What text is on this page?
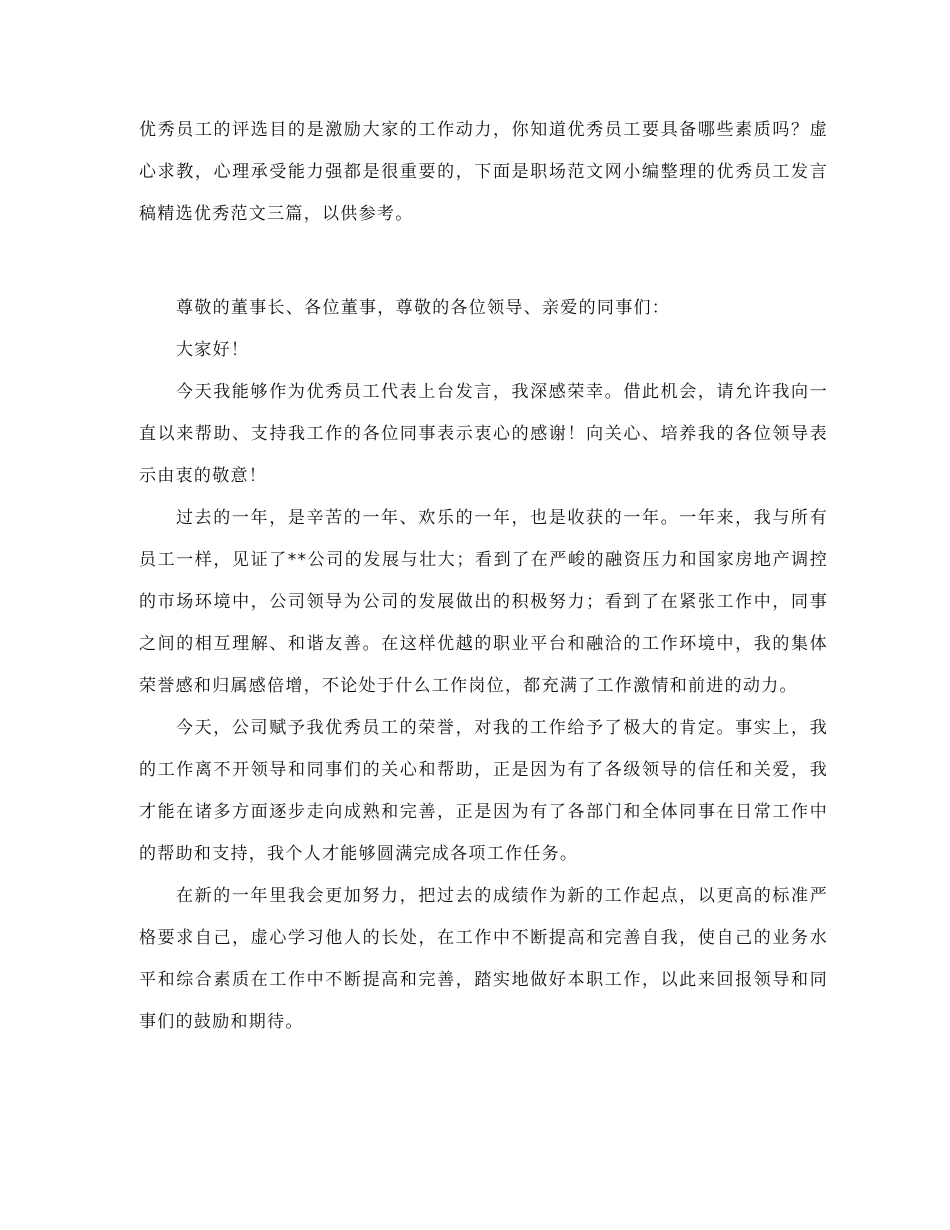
优秀员工的评选目的是激励大家的工作动力，你知道优秀员工要具备哪些素质吗？虚心求教，心理承受能力强都是很重要的，下面是职场范文网小编整理的优秀员工发言稿精选优秀范文三篇，以供参考。

尊敬的董事长、各位董事，尊敬的各位领导、亲爱的同事们：

大家好！

今天我能够作为优秀员工代表上台发言，我深感荣幸。借此机会，请允许我向一直以来帮助、支持我工作的各位同事表示衷心的感谢！向关心、培养我的各位领导表示由衷的敬意！

过去的一年，是辛苦的一年、欢乐的一年，也是收获的一年。一年来，我与所有员工一样，见证了**公司的发展与壮大；看到了在严峻的融资压力和国家房地产调控的市场环境中，公司领导为公司的发展做出的积极努力；看到了在紧张工作中，同事之间的相互理解、和谐友善。在这样优越的职业平台和融洽的工作环境中，我的集体荣誉感和归属感倍增，不论处于什么工作岗位，都充满了工作激情和前进的动力。

今天，公司赋予我优秀员工的荣誉，对我的工作给予了极大的肯定。事实上，我的工作离不开领导和同事们的关心和帮助，正是因为有了各级领导的信任和关爱，我才能在诸多方面逐步走向成熟和完善，正是因为有了各部门和全体同事在日常工作中的帮助和支持，我个人才能够圆满完成各项工作任务。

在新的一年里我会更加努力，把过去的成绩作为新的工作起点，以更高的标准严格要求自己，虚心学习他人的长处，在工作中不断提高和完善自我，使自己的业务水平和综合素质在工作中不断提高和完善，踏实地做好本职工作，以此来回报领导和同事们的鼓励和期待。
